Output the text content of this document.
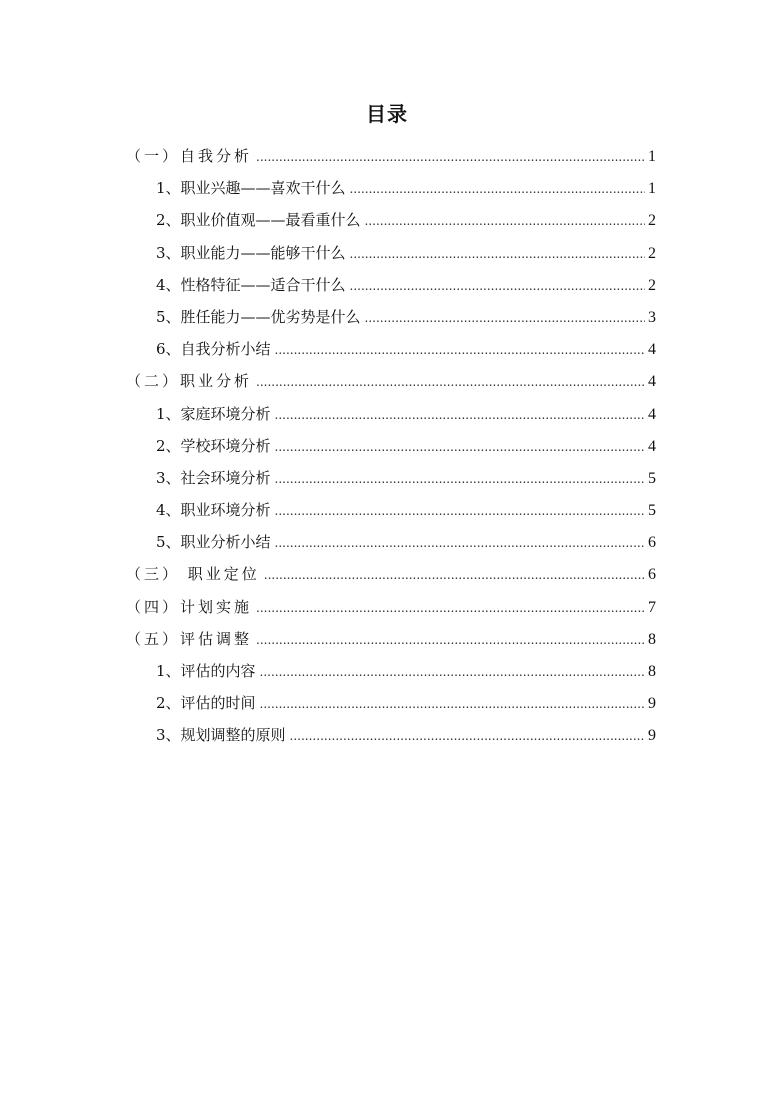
目录
（一）自我分析 .....	1
1、职业兴趣——喜欢干什么 .....	1
2、职业价值观——最看重什么 .....	2
3、职业能力——能够干什么 .....	2
4、性格特征——适合干什么 .....	2
5、胜任能力——优劣势是什么 .....	3
6、自我分析小结 .....	4
（二）职业分析 .....	4
1、家庭环境分析 .....	4
2、学校环境分析 .....	4
3、社会环境分析 .....	5
4、职业环境分析 .....	5
5、职业分析小结 .....	6
（三） 职业定位 .....	6
（四）计划实施 .....	7
（五）评估调整 .....	8
1、评估的内容 .....	8
2、评估的时间 .....	9
3、规划调整的原则 .....	9
